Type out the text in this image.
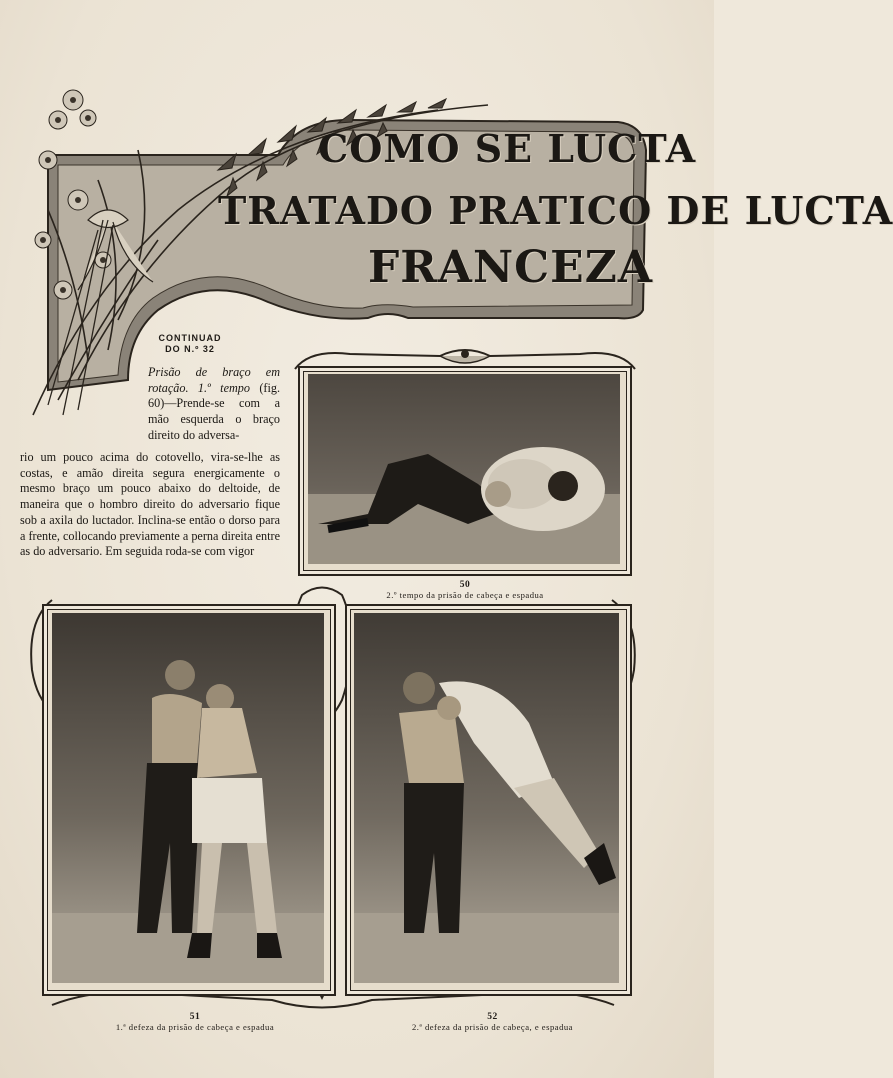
COMO SE LUCTA
TRATADO PRATICO DE LUCTA
FRANCEZA
CONTINUAD
DO N.º 32
Prisão de braço em rotação. 1.º tempo (fig. 60)—Prende-se com a mão esquerda o braço direito do adversa-
rio um pouco acima do cotovello, vira-se-lhe as costas, e amão direita segura energicamente o mesmo braço um pouco abaixo do deltoide, de maneira que o hombro direito do adversario fique sob a axila do luctador. Inclina-se então o dorso para a frente, collocando previamente a perna direita entre as do adversario. Em seguida roda-se com vigor
50
2.º tempo da prisão de cabeça e espadua
51
1.ª defeza da prisão de cabeça e espadua
52
2.ª defeza da prisão de cabeça, e espadua
